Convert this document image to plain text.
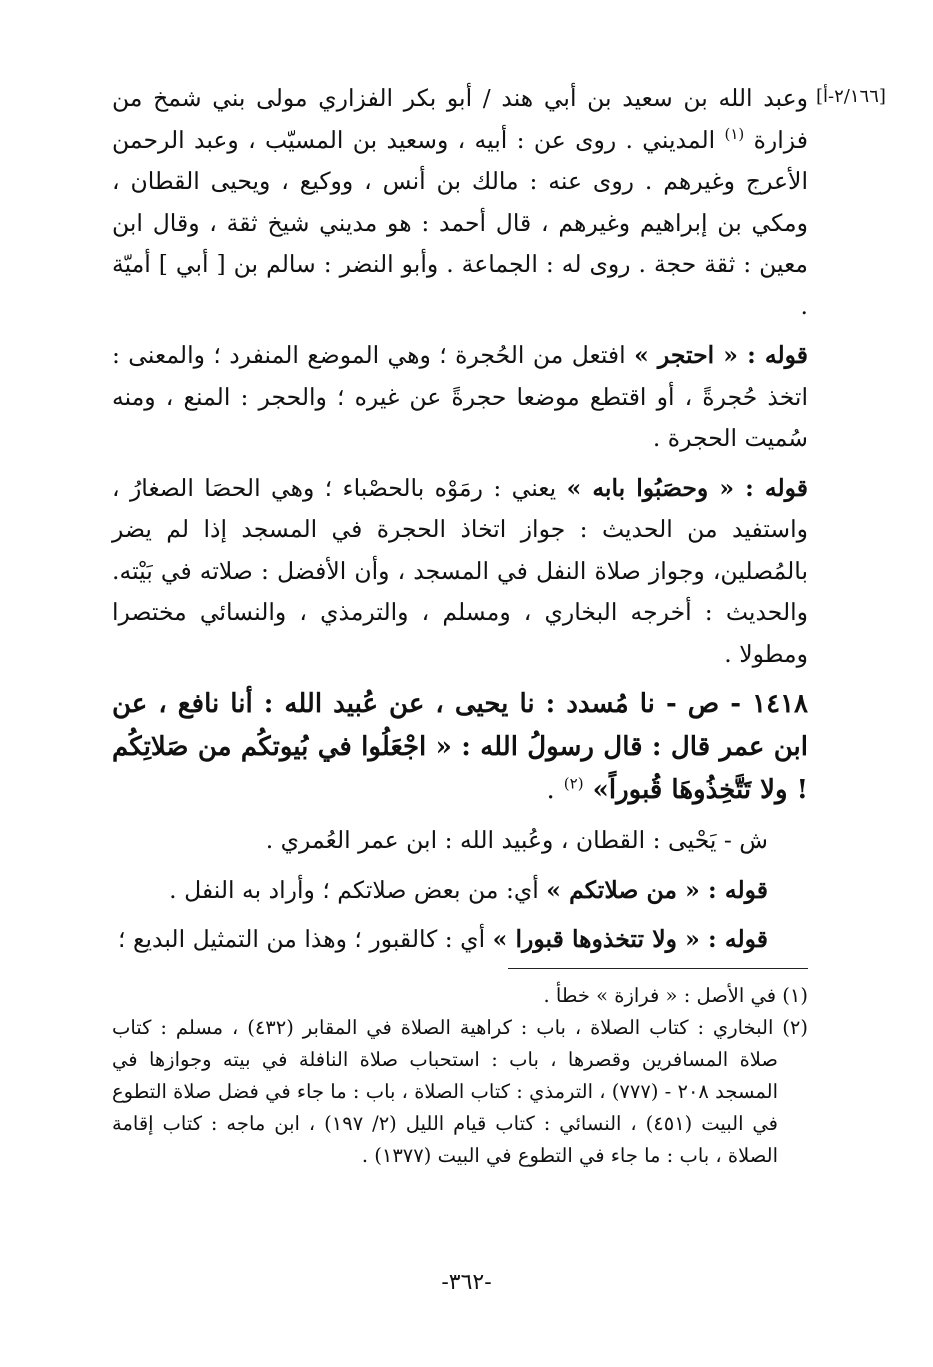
[٢/١٦٦-أ]

وعبد الله بن سعيد بن أبي هند / أبو بكر الفزاري مولى بني شمخ من فزارة $^{(١)}$ المديني . روى عن : أبيه ، وسعيد بن المسيّب ، وعبد الرحمن الأعرج وغيرهم . روى عنه : مالك بن أنس ، ووكيع ، ويحيى القطان ، ومكي بن إبراهيم وغيرهم ، قال أحمد : هو مديني شيخ ثقة ، وقال ابن معين : ثقة حجة . روى له : الجماعة . وأبو النضر : سالم بن [ أبي ] أميّة .

قوله : « احتجر » افتعل من الحُجرة ؛ وهي الموضع المنفرد ؛ والمعنى : اتخذ حُجرةً ، أو اقتطع موضعا حجرةً عن غيره ؛ والحجر : المنع ، ومنه سُميت الحجرة .

قوله : « وحصَبُوا بابه » يعني : رمَوْه بالحصْباء ؛ وهي الحصَا الصغارُ ، واستفيد من الحديث : جواز اتخاذ الحجرة في المسجد إذا لم يضر بالمُصلين، وجواز صلاة النفل في المسجد ، وأن الأفضل : صلاته في بَيْته. والحديث : أخرجه البخاري ، ومسلم ، والترمذي ، والنسائي مختصرا ومطولا .

١٤١٨ - ص - نا مُسدد : نا يحيى ، عن عُبيد الله : أنا نافع ، عن ابن عمر قال : قال رسولُ الله : « اجْعَلُوا في بُيوتكُم من صَلاتِكُم ! ولا تَتَّخِذُوهَا قُبوراً» $^{(٢)}$ .

ش - يَحْيى : القطان ، وعُبيد الله : ابن عمر العُمري .

قوله : « من صلاتكم » أي: من بعض صلاتكم ؛ وأراد به النفل .

قوله : « ولا تتخذوها قبورا » أي : كالقبور ؛ وهذا من التمثيل البديع ؛

(١) في الأصل : « فرازة » خطأ .

(٢) البخاري : كتاب الصلاة ، باب : كراهية الصلاة في المقابر (٤٣٢) ، مسلم : كتاب صلاة المسافرين وقصرها ، باب : استحباب صلاة النافلة في بيته وجوازها في المسجد ٢٠٨ - (٧٧٧) ، الترمذي : كتاب الصلاة ، باب : ما جاء في فضل صلاة التطوع في البيت (٤٥١) ، النسائي : كتاب قيام الليل (٢/ ١٩٧) ، ابن ماجه : كتاب إقامة الصلاة ، باب : ما جاء في التطوع في البيت (١٣٧٧) .

-٣٦٢-
